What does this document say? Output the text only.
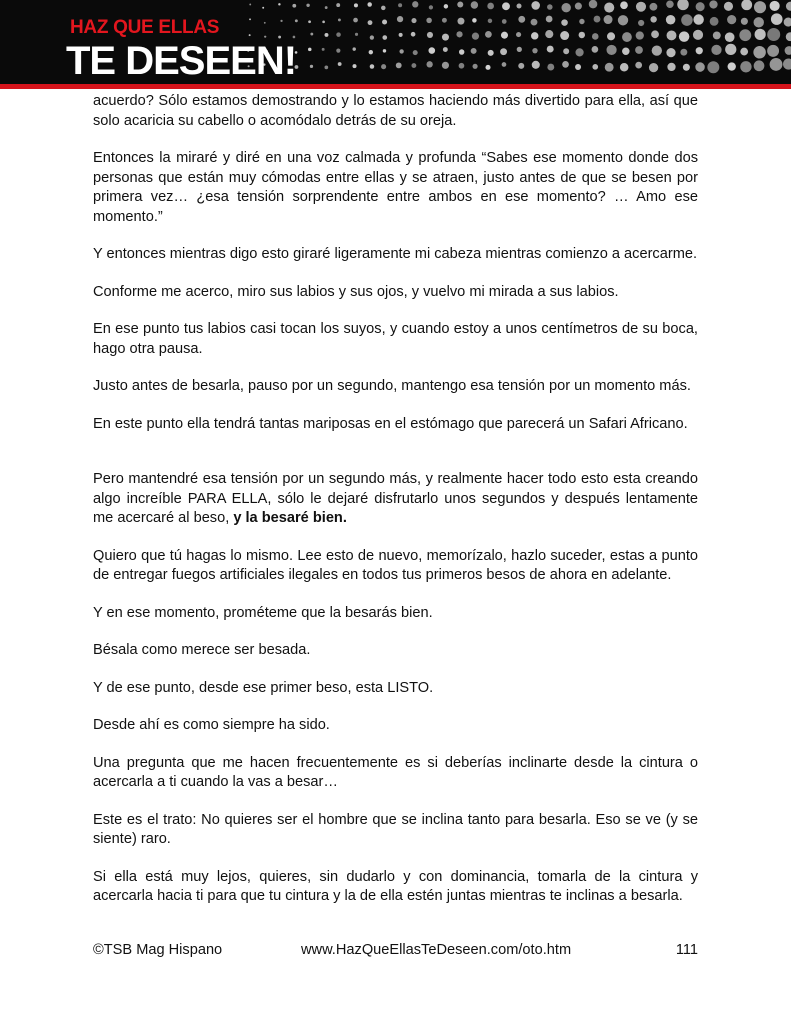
HAZ QUE ELLAS
TE DESEEN!

acuerdo? Sólo estamos demostrando y lo estamos haciendo más divertido para ella, así que solo acaricia su cabello o acomódalo detrás de su oreja.

Entonces la miraré y diré en una voz calmada y profunda “Sabes ese momento donde dos personas que están muy cómodas entre ellas y se atraen, justo antes de que se besen por primera vez… ¿esa tensión sorprendente entre ambos en ese momento? … Amo ese momento.”

Y entonces mientras digo esto giraré ligeramente mi cabeza mientras comienzo a acercarme.

Conforme me acerco, miro sus labios y sus ojos, y vuelvo mi mirada a sus labios.

En ese punto tus labios casi tocan los suyos, y cuando estoy a unos centímetros de su boca, hago otra pausa.

Justo antes de besarla, pauso por un segundo, mantengo esa tensión por un momento más.

En este punto ella tendrá tantas mariposas en el estómago que parecerá un Safari Africano.

Pero mantendré esa tensión por un segundo más, y realmente hacer todo esto esta creando algo increíble PARA ELLA, sólo le dejaré disfrutarlo unos segundos y después lentamente me acercaré al beso, y la besaré bien.

Quiero que tú hagas lo mismo. Lee esto de nuevo, memorízalo, hazlo suceder, estas a punto de entregar fuegos artificiales ilegales en todos tus primeros besos de ahora en adelante.

Y en ese momento, prométeme que la besarás bien.

Bésala como merece ser besada.

Y de ese punto, desde ese primer beso, esta LISTO.

Desde ahí es como siempre ha sido.

Una pregunta que me hacen frecuentemente es si deberías inclinarte desde la cintura o acercarla a ti cuando la vas a besar…

Este es el trato: No quieres ser el hombre que se inclina tanto para besarla. Eso se ve (y se siente) raro.

Si ella está muy lejos, quieres, sin dudarlo y con dominancia, tomarla de la cintura y acercarla hacia ti para que tu cintura y la de ella estén juntas mientras te inclinas a besarla.

©TSB Mag Hispano	www.HazQueEllasTeDeseen.com/oto.htm	111
